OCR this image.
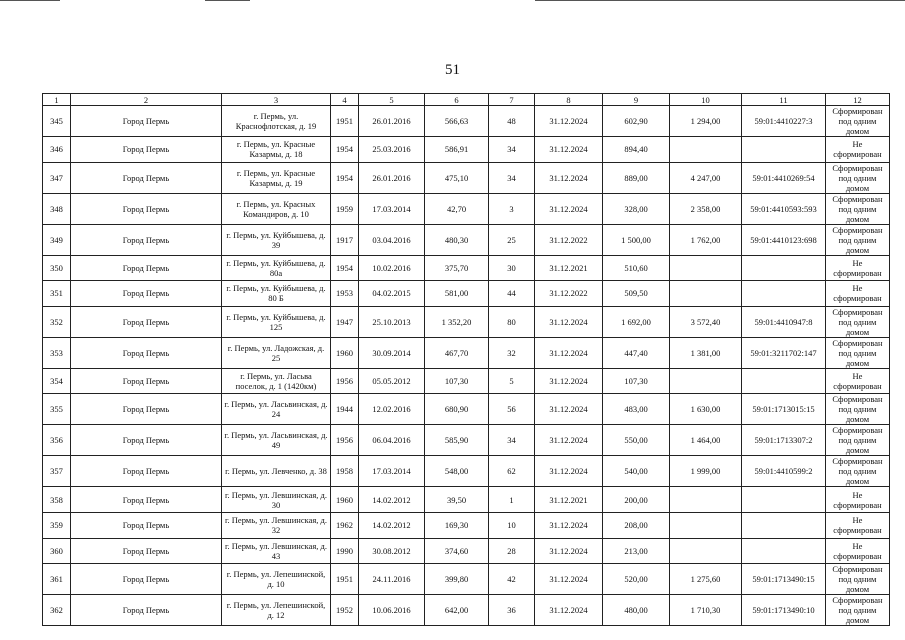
51
1	2	3	4	5	6	7	8	9	10	11	12
345	Город Пермь	г. Пермь, ул. Краснофлотская, д. 19	1951	26.01.2016	566,63	48	31.12.2024	602,90	1 294,00	59:01:4410227:3	Сформирован под одним домом
346	Город Пермь	г. Пермь, ул. Красные Казармы, д. 18	1954	25.03.2016	586,91	34	31.12.2024	894,40			Не сформирован
347	Город Пермь	г. Пермь, ул. Красные Казармы, д. 19	1954	26.01.2016	475,10	34	31.12.2024	889,00	4 247,00	59:01:4410269:54	Сформирован под одним домом
348	Город Пермь	г. Пермь, ул. Красных Командиров, д. 10	1959	17.03.2014	42,70	3	31.12.2024	328,00	2 358,00	59:01:4410593:593	Сформирован под одним домом
349	Город Пермь	г. Пермь, ул. Куйбышева, д. 39	1917	03.04.2016	480,30	25	31.12.2022	1 500,00	1 762,00	59:01:4410123:698	Сформирован под одним домом
350	Город Пермь	г. Пермь, ул. Куйбышева, д. 80а	1954	10.02.2016	375,70	30	31.12.2021	510,60			Не сформирован
351	Город Пермь	г. Пермь, ул. Куйбышева, д. 80 Б	1953	04.02.2015	581,00	44	31.12.2022	509,50			Не сформирован
352	Город Пермь	г. Пермь, ул. Куйбышева, д. 125	1947	25.10.2013	1 352,20	80	31.12.2024	1 692,00	3 572,40	59:01:4410947:8	Сформирован под одним домом
353	Город Пермь	г. Пермь, ул. Ладожская, д. 25	1960	30.09.2014	467,70	32	31.12.2024	447,40	1 381,00	59:01:3211702:147	Сформирован под одним домом
354	Город Пермь	г. Пермь, ул. Ласьва поселок, д. 1 (1420км)	1956	05.05.2012	107,30	5	31.12.2024	107,30			Не сформирован
355	Город Пермь	г. Пермь, ул. Ласьвинская, д. 24	1944	12.02.2016	680,90	56	31.12.2024	483,00	1 630,00	59:01:1713015:15	Сформирован под одним домом
356	Город Пермь	г. Пермь, ул. Ласьвинская, д. 49	1956	06.04.2016	585,90	34	31.12.2024	550,00	1 464,00	59:01:1713307:2	Сформирован под одним домом
357	Город Пермь	г. Пермь, ул. Левченко, д. 38	1958	17.03.2014	548,00	62	31.12.2024	540,00	1 999,00	59:01:4410599:2	Сформирован под одним домом
358	Город Пермь	г. Пермь, ул. Левшинская, д. 30	1960	14.02.2012	39,50	1	31.12.2021	200,00			Не сформирован
359	Город Пермь	г. Пермь, ул. Левшинская, д. 32	1962	14.02.2012	169,30	10	31.12.2024	208,00			Не сформирован
360	Город Пермь	г. Пермь, ул. Левшинская, д. 43	1990	30.08.2012	374,60	28	31.12.2024	213,00			Не сформирован
361	Город Пермь	г. Пермь, ул. Лепешинской, д. 10	1951	24.11.2016	399,80	42	31.12.2024	520,00	1 275,60	59:01:1713490:15	Сформирован под одним домом
362	Город Пермь	г. Пермь, ул. Лепешинской, д. 12	1952	10.06.2016	642,00	36	31.12.2024	480,00	1 710,30	59:01:1713490:10	Сформирован под одним домом
